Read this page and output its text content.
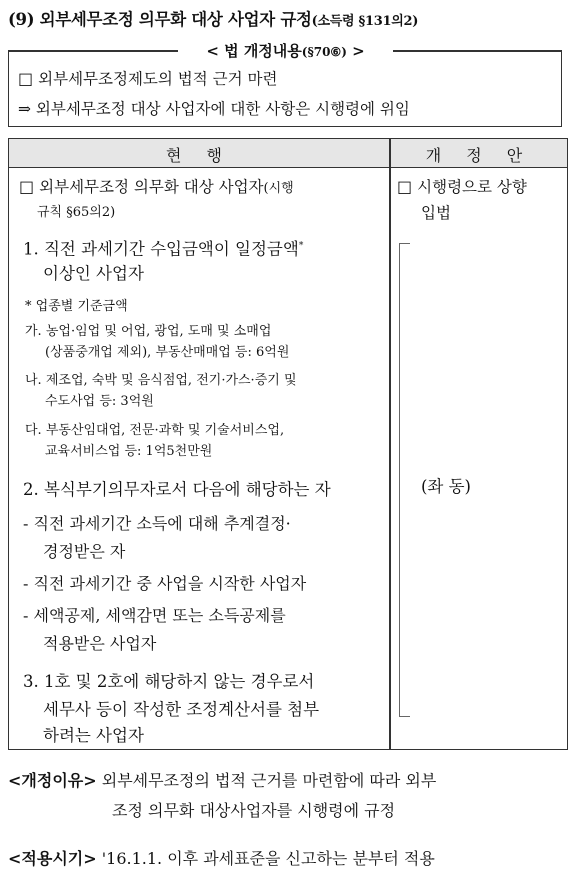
(9) 외부세무조정 의무화 대상 사업자 규정(소득령 §131의2)
< 법 개정내용(§70⑥) >
□ 외부세무조정제도의 법적 근거 마련
⇒ 외부세무조정 대상 사업자에 대한 사항은 시행령에 위임
현 행	개 정 안
□ 외부세무조정 의무화 대상 사업자(시행
규칙 §65의2)
1. 직전 과세기간 수입금액이 일정금액*
이상인 사업자
* 업종별 기준금액
가. 농업·임업 및 어업, 광업, 도매 및 소매업
(상품중개업 제외), 부동산매매업 등: 6억원
나. 제조업, 숙박 및 음식점업, 전기·가스·증기 및
수도사업 등: 3억원
다. 부동산임대업, 전문·과학 및 기술서비스업,
교육서비스업 등: 1억5천만원
2. 복식부기의무자로서 다음에 해당하는 자
- 직전 과세기간 소득에 대해 추계결정·
경정받은 자
- 직전 과세기간 중 사업을 시작한 사업자
- 세액공제, 세액감면 또는 소득공제를
적용받은 사업자
3. 1호 및 2호에 해당하지 않는 경우로서
세무사 등이 작성한 조정계산서를 첨부
하려는 사업자
□ 시행령으로 상향
입법
(좌 동)
<개정이유> 외부세무조정의 법적 근거를 마련함에 따라 외부
조정 의무화 대상사업자를 시행령에 규정
<적용시기> '16.1.1. 이후 과세표준을 신고하는 분부터 적용
